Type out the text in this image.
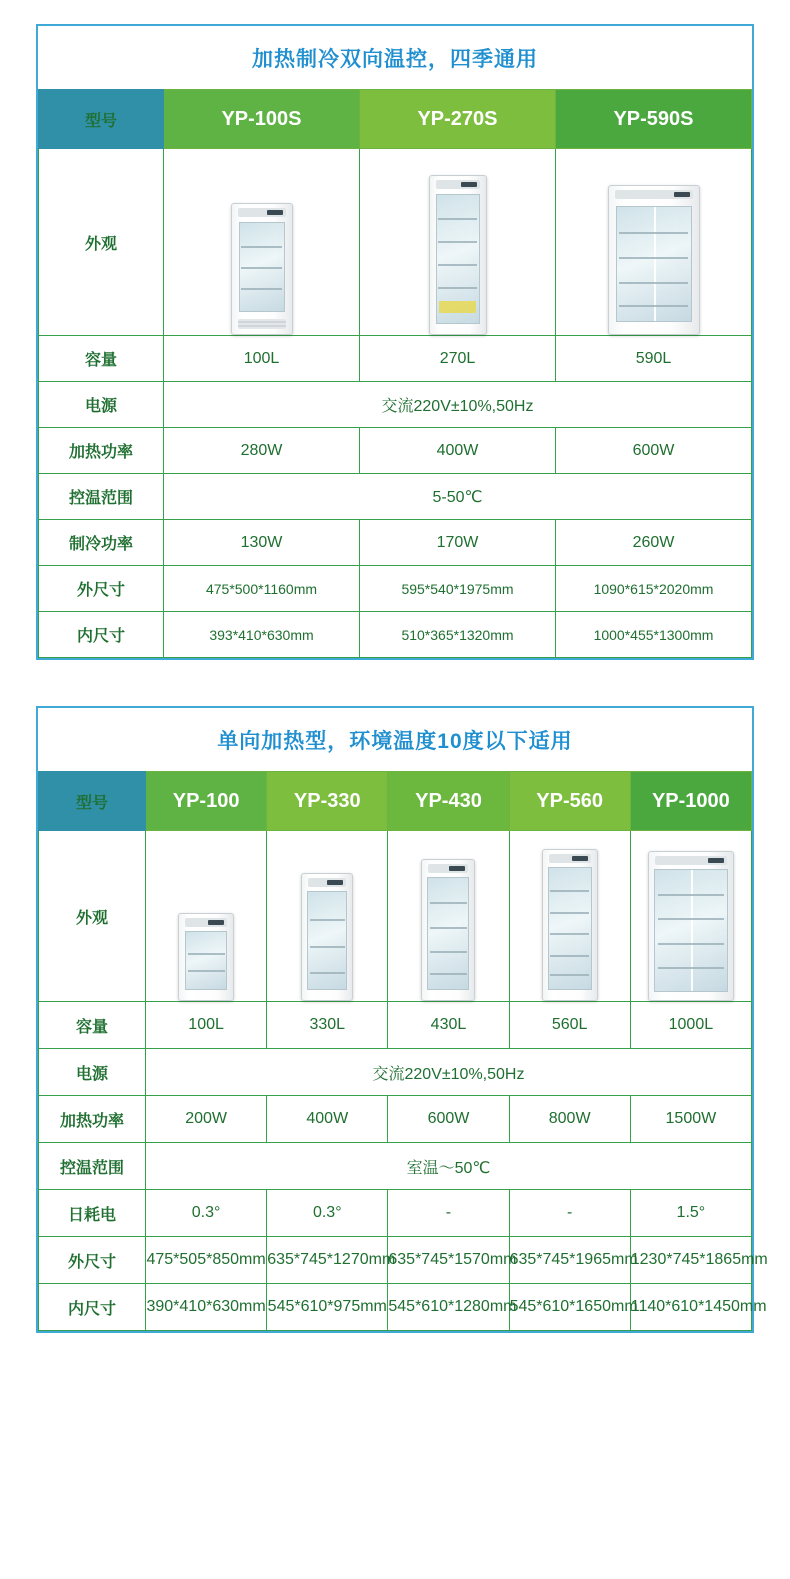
加热制冷双向温控，四季通用
型号	YP-100S	YP-270S	YP-590S
外观	

容量	100L	270L	590L
电源	交流220V±10%,50Hz		
加热功率	280W	400W	600W
控温范围	5-50℃		
制冷功率	130W	170W	260W
外尺寸	475*500*1160mm	595*540*1975mm	1090*615*2020mm
内尺寸	393*410*630mm	510*365*1320mm	1000*455*1300mm
单向加热型，环境温度10度以下适用
型号	YP-100	YP-330	YP-430	YP-560	YP-1000
外观	

容量	100L	330L	430L	560L	1000L
电源	交流220V±10%,50Hz				
加热功率	200W	400W	600W	800W	1500W
控温范围	室温～50℃				
日耗电	0.3°	0.3°	-	-	1.5°
外尺寸	475*505*850mm	635*745*1270mm	635*745*1570mm	635*745*1965mm	1230*745*1865mm
内尺寸	390*410*630mm	545*610*975mm	545*610*1280mm	545*610*1650mm	1140*610*1450mm
